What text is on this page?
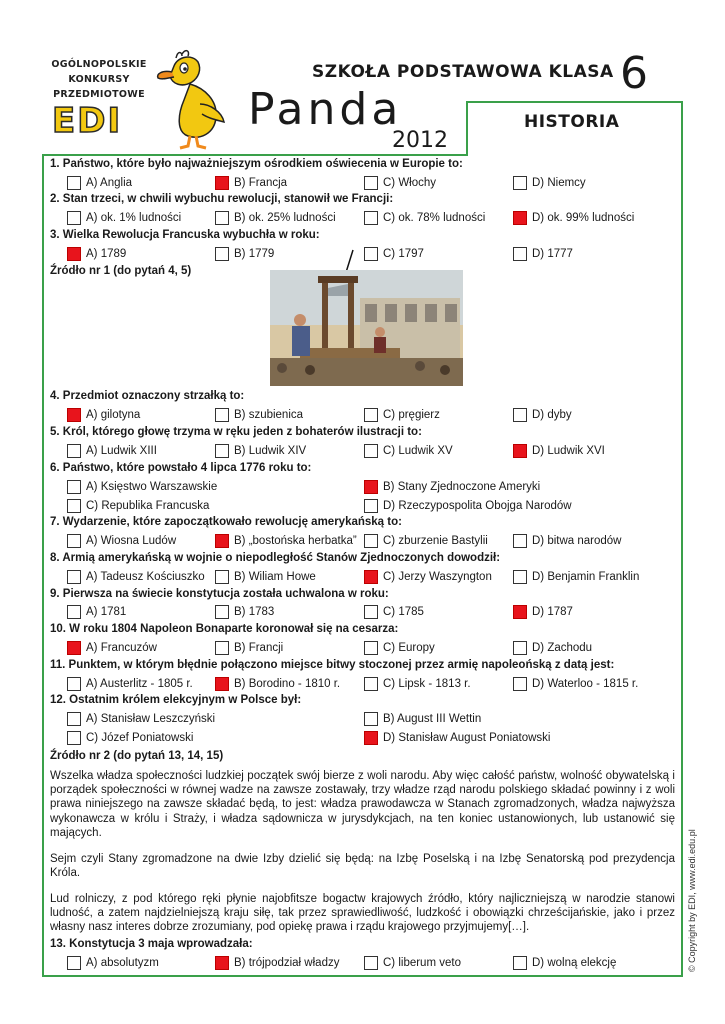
OGÓLNOPOLSKIE
KONKURSY
PRZEDMIOTOWE
EDI
SZKOŁA PODSTAWOWA KLASA 6
Panda
2012
HISTORIA
1. Państwo, które było najważniejszym ośrodkiem oświecenia w Europie to:
A) Anglia	B) Francja	C) Włochy	D) Niemcy
2. Stan trzeci, w chwili wybuchu rewolucji, stanowił we Francji:
A) ok. 1% ludności	B) ok. 25% ludności	C) ok. 78% ludności	D) ok. 99% ludności
3. Wielka Rewolucja Francuska wybuchła w roku:
A) 1789	B) 1779	C) 1797	D) 1777
Źródło nr 1 (do pytań 4, 5)
4. Przedmiot oznaczony strzałką to:
A) gilotyna	B) szubienica	C) pręgierz	D) dyby
5. Król, którego głowę trzyma w ręku jeden z bohaterów ilustracji to:
A) Ludwik XIII	B) Ludwik XIV	C) Ludwik XV	D) Ludwik XVI
6. Państwo, które powstało 4 lipca 1776 roku to:
A) Księstwo Warszawskie	B) Stany Zjednoczone Ameryki
C) Republika Francuska	D) Rzeczypospolita Obojga Narodów
7. Wydarzenie, które zapoczątkowało rewolucję amerykańską to:
A) Wiosna Ludów	B) „bostońska herbatka” C) zburzenie Bastylii	D) bitwa narodów
8. Armią amerykańską w wojnie o niepodległość Stanów Zjednoczonych dowodził:
A) Tadeusz Kościuszko	B) Wiliam Howe	C) Jerzy Waszyngton	D) Benjamin Franklin
9. Pierwsza na świecie konstytucja została uchwalona w roku:
A) 1781	B) 1783	C) 1785	D) 1787
10. W roku 1804 Napoleon Bonaparte koronował się na cesarza:
A) Francuzów	B) Francji	C) Europy	D) Zachodu
11. Punktem, w którym błędnie połączono miejsce bitwy stoczonej przez armię napoleońską z datą jest:
A) Austerlitz - 1805 r.	B) Borodino - 1810 r.	C) Lipsk - 1813 r.	D) Waterloo - 1815 r.
12. Ostatnim królem elekcyjnym w Polsce był:
A) Stanisław Leszczyński	B) August III Wettin
C) Józef Poniatowski	D) Stanisław August Poniatowski
Źródło nr 2 (do pytań 13, 14, 15)
Wszelka władza społeczności ludzkiej początek swój bierze z woli narodu. Aby więc całość państw, wolność obywatelską i porządek społeczności w równej wadze na zawsze zostawały, trzy władze rząd narodu polskiego składać powinny i z woli prawa niniejszego na zawsze składać będą, to jest: władza prawodawcza w Stanach zgromadzonych, władza najwyższa wykonawcza w królu i Straży, i władza sądownicza w jurysdykcjach, na ten koniec ustanowionych, lub ustanowić się mających.
Sejm czyli Stany zgromadzone na dwie Izby dzielić się będą: na Izbę Poselską i na Izbę Senatorską pod prezydencja Króla.
Lud rolniczy, z pod którego ręki płynie najobfitsze bogactw krajowych źródło, który najliczniejszą w narodzie stanowi ludność, a zatem najdzielniejszą kraju siłę, tak przez sprawiedliwość, ludzkość i obowiązki chrześcijańskie, jako i przez własny nasz interes dobrze zrozumiany, pod opiekę prawa i rządu krajowego przyjmujemy[…].
13. Konstytucja 3 maja wprowadzała:
A) absolutyzm	B) trójpodział władzy	C) liberum veto	D) wolną elekcję	© Copyright by EDI, www.edi.edu.pl
